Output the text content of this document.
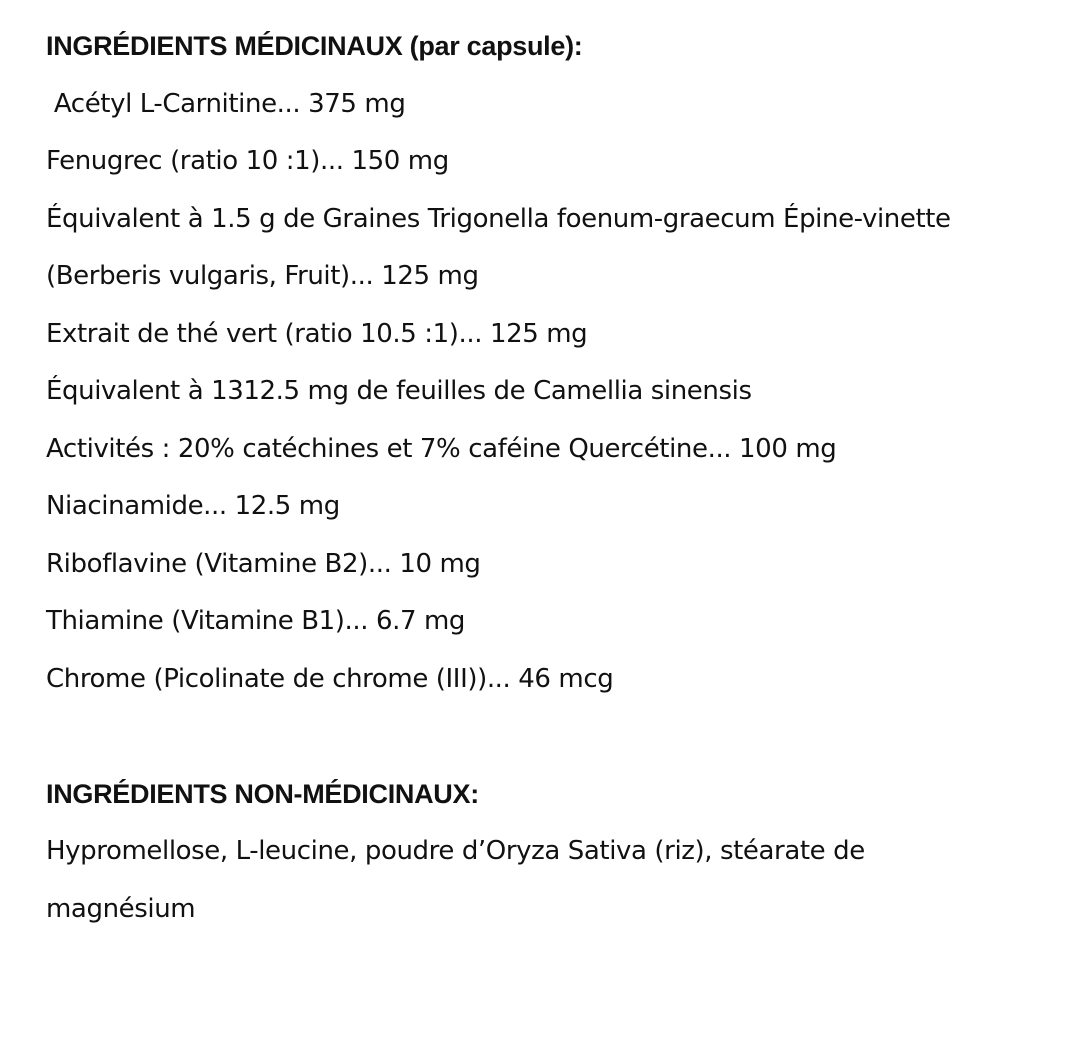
INGRÉDIENTS MÉDICINAUX (par capsule):

Acétyl L-Carnitine... 375 mg

Fenugrec (ratio 10 :1)... 150 mg

Équivalent à 1.5 g de Graines Trigonella foenum-graecum Épine-vinette

(Berberis vulgaris, Fruit)... 125 mg

Extrait de thé vert (ratio 10.5 :1)... 125 mg

Équivalent à 1312.5 mg de feuilles de Camellia sinensis

Activités : 20% catéchines et 7% caféine Quercétine... 100 mg

Niacinamide... 12.5 mg

Riboflavine (Vitamine B2)... 10 mg

Thiamine (Vitamine B1)... 6.7 mg

Chrome (Picolinate de chrome (III))... 46 mcg

INGRÉDIENTS NON-MÉDICINAUX:

Hypromellose, L-leucine, poudre d’Oryza Sativa (riz), stéarate de

magnésium
